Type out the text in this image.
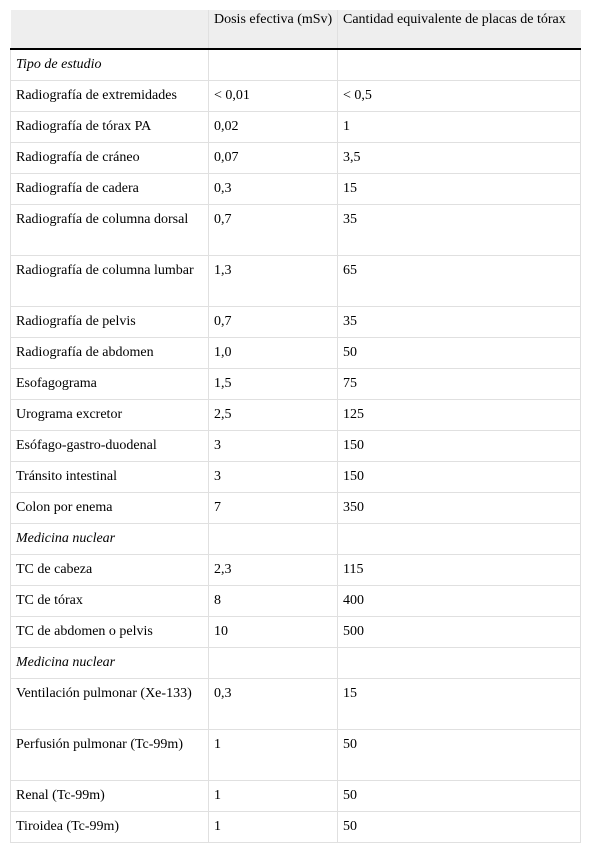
	Dosis efectiva (mSv)	Cantidad equivalente de placas de tórax
Tipo de estudio		
Radiografía de extremidades	< 0,01	< 0,5
Radiografía de tórax PA	0,02	1
Radiografía de cráneo	0,07	3,5
Radiografía de cadera	0,3	15
Radiografía de columna dorsal	0,7	35
Radiografía de columna lumbar	1,3	65
Radiografía de pelvis	0,7	35
Radiografía de abdomen	1,0	50
Esofagograma	1,5	75
Urograma excretor	2,5	125
Esófago-gastro-duodenal	3	150
Tránsito intestinal	3	150
Colon por enema	7	350
Medicina nuclear		
TC de cabeza	2,3	115
TC de tórax	8	400
TC de abdomen o pelvis	10	500
Medicina nuclear		
Ventilación pulmonar (Xe-133)	0,3	15
Perfusión pulmonar (Tc-99m)	1	50
Renal (Tc-99m)	1	50
Tiroidea (Tc-99m)	1	50
